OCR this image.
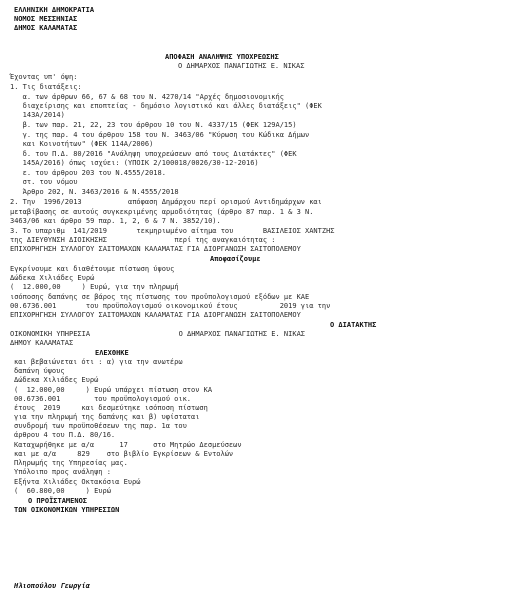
ΕΛΛΗΝΙΚΗ ΔΗΜΟΚΡΑΤΙΑ
ΝΟΜΟΣ ΜΕΣΣΗΝΙΑΣ
ΔΗΜΟΣ ΚΑΛΑΜΑΤΑΣ
ΑΠΟΦΑΣΗ ΑΝΑΛΗΨΗΣ ΥΠΟΧΡΕΩΣΗΣ
Ο ΔΗΜΑΡΧΟΣ ΠΑΝΑΓΙΩΤΗΣ Ε. ΝΙΚΑΣ
Έχοντας υπ' όψη:
1. Τις διατάξεις:
α. των άρθρων 66, 67 & 68 του Ν. 4270/14 "Αρχές δημοσιονομικής
διαχείρισης και εποπτείας - δημόσιο λογιστικό και άλλες διατάξεις" (ΦΕΚ
143Α/2014)
β. των παρ. 21, 22, 23 του άρθρου 10 του Ν. 4337/15 (ΦΕΚ 129Α/15)
γ. της παρ. 4 του άρθρου 158 του Ν. 3463/06 "Κύρωση του Κώδικα Δήμων
και Κοινοτήτων" (ΦΕΚ 114Α/2006)
δ. του Π.Δ. 80/2016 "Ανάληψη υποχρεώσεων από τους Διατάκτες" (ΦΕΚ
145Α/2016) όπως ισχύει: (ΥΠΟΙΚ 2/100018/0026/30-12-2016)
ε. του άρθρου 203 του Ν.4555/2018.
στ. του νόμου
Άρθρο 202, Ν. 3463/2016 & Ν.4555/2018
2. Την  1996/2013           απόφαση Δημάρχου περί ορισμού Αντιδημάρχων και
μεταβίβασης σε αυτούς συγκεκριμένης αρμοδιότητας (άρθρο 87 παρ. 1 & 3 Ν.
3463/06 και άρθρο 59 παρ. 1, 2, 6 & 7 Ν. 3852/10).
3. Το υπαριθμ  141/2019       τεκμηριωμένο αίτημα του       ΒΑΣΙΛΕΙΟΣ ΧΑΝΤΖΗΣ
της ΔΙΕΥΘΥΝΣΗ ΔΙΟΙΚΗΣΗΣ                περί της αναγκαιότητας :
ΕΠΙΧΟΡΗΓΗΣΗ ΣΥΛΛΟΓΟΥ ΣΑΙΤΟΜΑΧΩΝ ΚΑΛΑΜΑΤΑΣ ΓΙΑ ΔΙΟΡΓΑΝΩΣΗ ΣΑΙΤΟΠΟΛΕΜΟΥ
Αποφασίζουμε
Εγκρίνουμε και διαθέτουμε πίστωση ύψους
Δώδεκα Χιλιάδες Ευρώ
(  12.000,00     ) Ευρώ, για την πληρωμή
ισόποσης δαπάνης σε βάρος της πίστωσης του προϋπολογισμού εξόδων με ΚΑΕ
00.6736.001       του προϋπολογισμού οικονομικού έτους          2019 για την
ΕΠΙΧΟΡΗΓΗΣΗ ΣΥΛΛΟΓΟΥ ΣΑΙΤΟΜΑΧΩΝ ΚΑΛΑΜΑΤΑΣ ΓΙΑ ΔΙΟΡΓΑΝΩΣΗ ΣΑΙΤΟΠΟΛΕΜΟΥ
Ο ΔΙΑΤΑΚΤΗΣ
ΟΙΚΟΝΟΜΙΚΗ ΥΠΗΡΕΣΙΑ                     Ο ΔΗΜΑΡΧΟΣ ΠΑΝΑΓΙΩΤΗΣ Ε. ΝΙΚΑΣ
ΔΗΜΟΥ ΚΑΛΑΜΑΤΑΣ
ΕΛΕΧΘΗΚΕ
και βεβαιώνεται ότι : α) για την ανωτέρω
δαπάνη ύψους
Δώδεκα Χιλιάδες Ευρώ
(  12.000,00     ) Ευρώ υπάρχει πίστωση στον ΚΑ
00.6736.001        του προϋπολογισμού οικ.
έτους  2019     και δεσμεύτηκε ισόποση πίστωση
για την πληρωμή της δαπάνης και β) υφίσταται
συνδρομή των προϋποθέσεων της παρ. 1α του
άρθρου 4 του Π.Δ. 80/16.
Καταχωρήθηκε με α/α      17      στο Μητρώο Δεσμεύσεων
και με α/α     829    στο βιβλίο Εγκρίσεων & Εντολών
Πληρωμής της Υπηρεσίας μας.
Υπόλοιπο προς ανάληψη :
Εξήντα Χιλιάδες Οκτακόσια Ευρώ
(  60.800,00     ) Ευρώ
Ο ΠΡΟΪΣΤΑΜΕΝΟΣ
ΤΩΝ ΟΙΚΟΝΟΜΙΚΩΝ ΥΠΗΡΕΣΙΩΝ
Ηλιοπούλου Γεωργία
